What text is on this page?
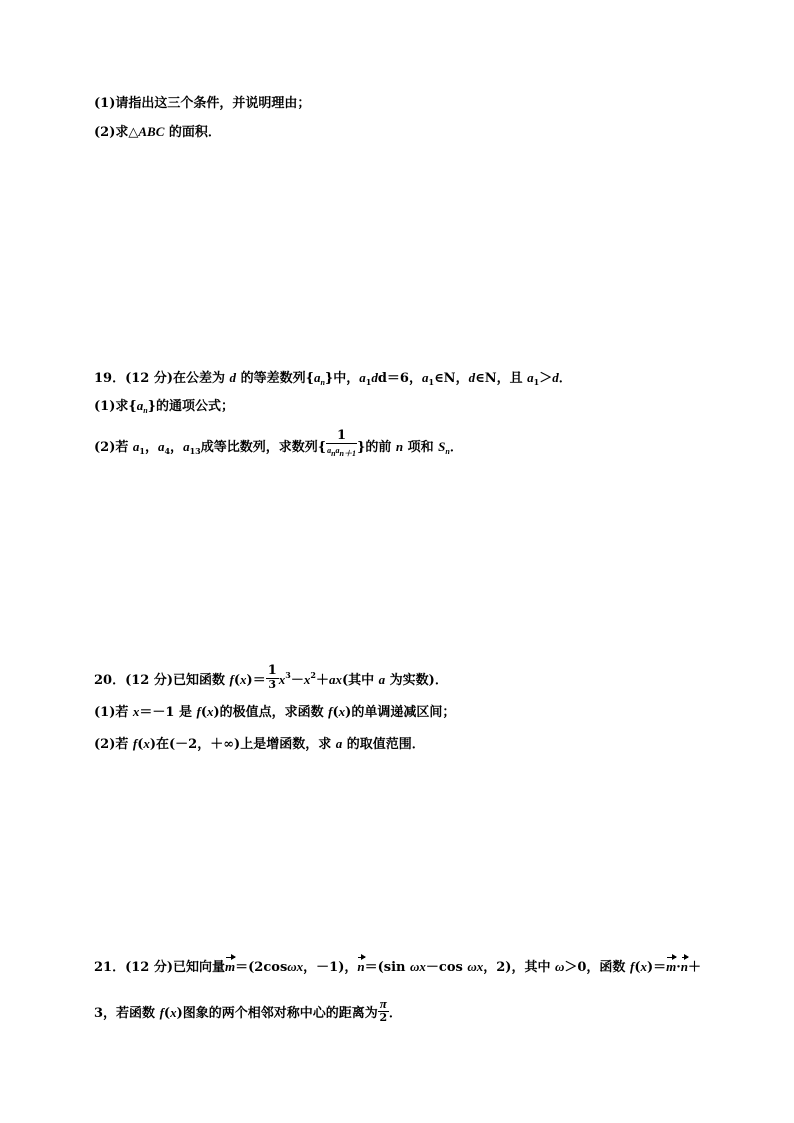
(1)请指出这三个条件，并说明理由；
(2)求△ABC 的面积．
19．(12 分)在公差为 d 的等差数列$\{a_n\}$中，$a_1dd=6$，$a_1\in N$，d∈N，且 $a_1>d$．
(1)求$\{a_n\}$的通项公式；
(2)若 $a_1$，$a_4$，$a_{13}$成等比数列，求数列{ $\frac{1}{\text{anan＋1}}$ }的前 n 项和 $S_n$．
20．(12 分)已知函数 $f(x)= \frac{1}{3} x^3-x^2+ax$(其中 a 为实数)．
(1)若 x＝－1 是 f(x)的极值点，求函数 f(x)的单调递减区间；
(2)若 f(x)在(－2，＋∞)上是增函数，求 a 的取值范围．
21．(12 分)已知向量m＝(2cosωx，－1)，n＝(sin ωx－cos ωx，2)，其中 ω＞0，函数 f(x)＝m·n＋
3，若函数 f(x)图象的两个相邻对称中心的距离为 $\frac{\pi}{2}$ ．
